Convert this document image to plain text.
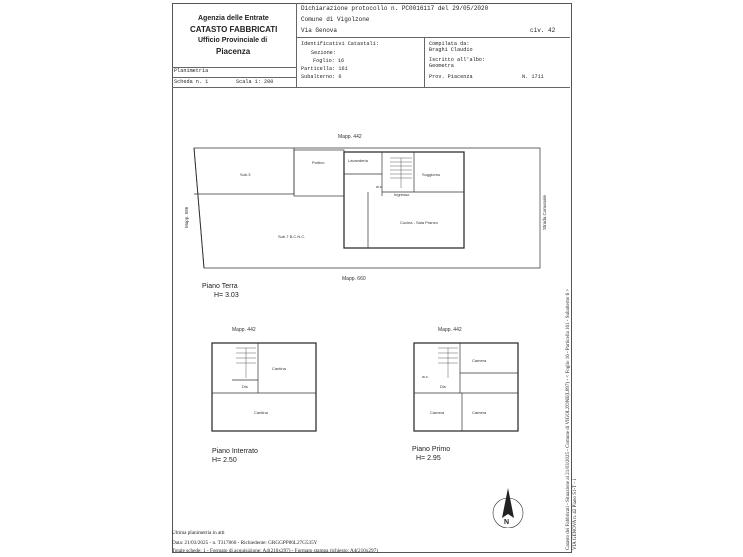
Agenzia delle Entrate
CATASTO FABBRICATI
Ufficio Provinciale di
Piacenza
Dichiarazione protocollo n. PC0016117 del 29/05/2020
Comune di Vigolzone
Via Genova	civ. 42
Identificativi Catastali:
Sezione:
Foglio: 16
Particella: 161
Subalterno: 6
Compilata da:
Braghi Claudio
Iscritto all'albo:
Geometra
Prov. Piacenza	N. 1711
Planimetria
Scheda n. 1	Scala 1: 200
N
Mapp. 442
Mapp. 586
Mapp. 660
Strada Comunale
Sub.3
Sub.7 B.C.N.C.
Portico	Lavanderia
Soggiorno
Ingresso
Cucina - Sala Pranzo
w.c.
Piano Terra
H= 3.03
Mapp. 442
Cantina
Cantina
Dis
Piano Interrato
H= 2.50
Mapp. 442
Camera
Camera	Camera
Dis
w.c.
Piano Primo
H= 2.95
Ultima planimetria in atti
Data: 21/03/2025 - n. T317860 - Richiedente: GRGGPP86L27G535Y
Totale schede: 1 - Formato di acquisizione: A4(210x297) - Formato stampa richiesto: A4(210x297)
Catasto dei Fabbricati - Situazione al 21/03/2025 - Comune di VIGOLZONE(L897) - < Foglio 16 - Particella 161 - Subalterno 6 > VIA GENOVA n. 42 Piano S1-T - 1
